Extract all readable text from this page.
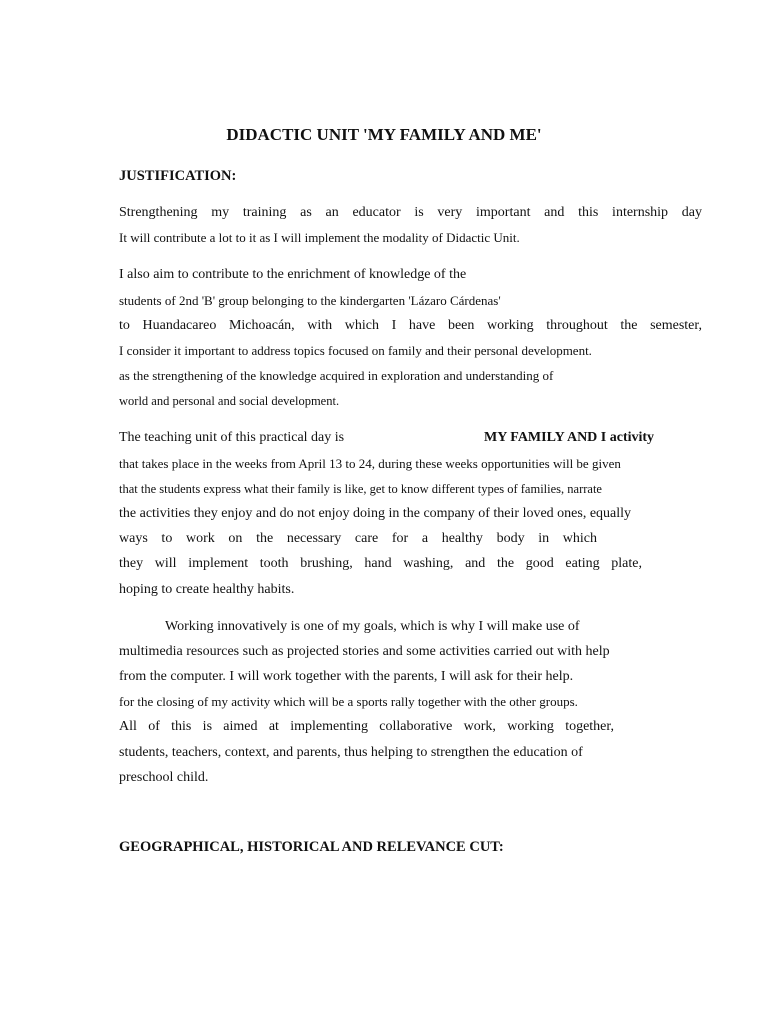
DIDACTIC UNIT 'MY FAMILY AND ME'
JUSTIFICATION:
Strengthening my training as an educator is very important and this internship day
It will contribute a lot to it as I will implement the modality of Didactic Unit.
I also aim to contribute to the enrichment of knowledge of the
students of 2nd 'B' group belonging to the kindergarten 'Lázaro Cárdenas'
to Huandacareo Michoacán, with which I have been working throughout the semester,
I consider it important to address topics focused on family and their personal development.
as the strengthening of the knowledge acquired in exploration and understanding of
world and personal and social development.
The teaching unit of this practical day is	MY FAMILY AND I activity
that takes place in the weeks from April 13 to 24, during these weeks opportunities will be given
that the students express what their family is like, get to know different types of families, narrate
the activities they enjoy and do not enjoy doing in the company of their loved ones, equally
ways to work on the necessary care for a healthy body in which
they will implement tooth brushing, hand washing, and the good eating plate,
hoping to create healthy habits.
Working innovatively is one of my goals, which is why I will make use of
multimedia resources such as projected stories and some activities carried out with help
from the computer. I will work together with the parents, I will ask for their help.
for the closing of my activity which will be a sports rally together with the other groups.
All of this is aimed at implementing collaborative work, working together,
students, teachers, context, and parents, thus helping to strengthen the education of
preschool child.
GEOGRAPHICAL, HISTORICAL AND RELEVANCE CUT:
